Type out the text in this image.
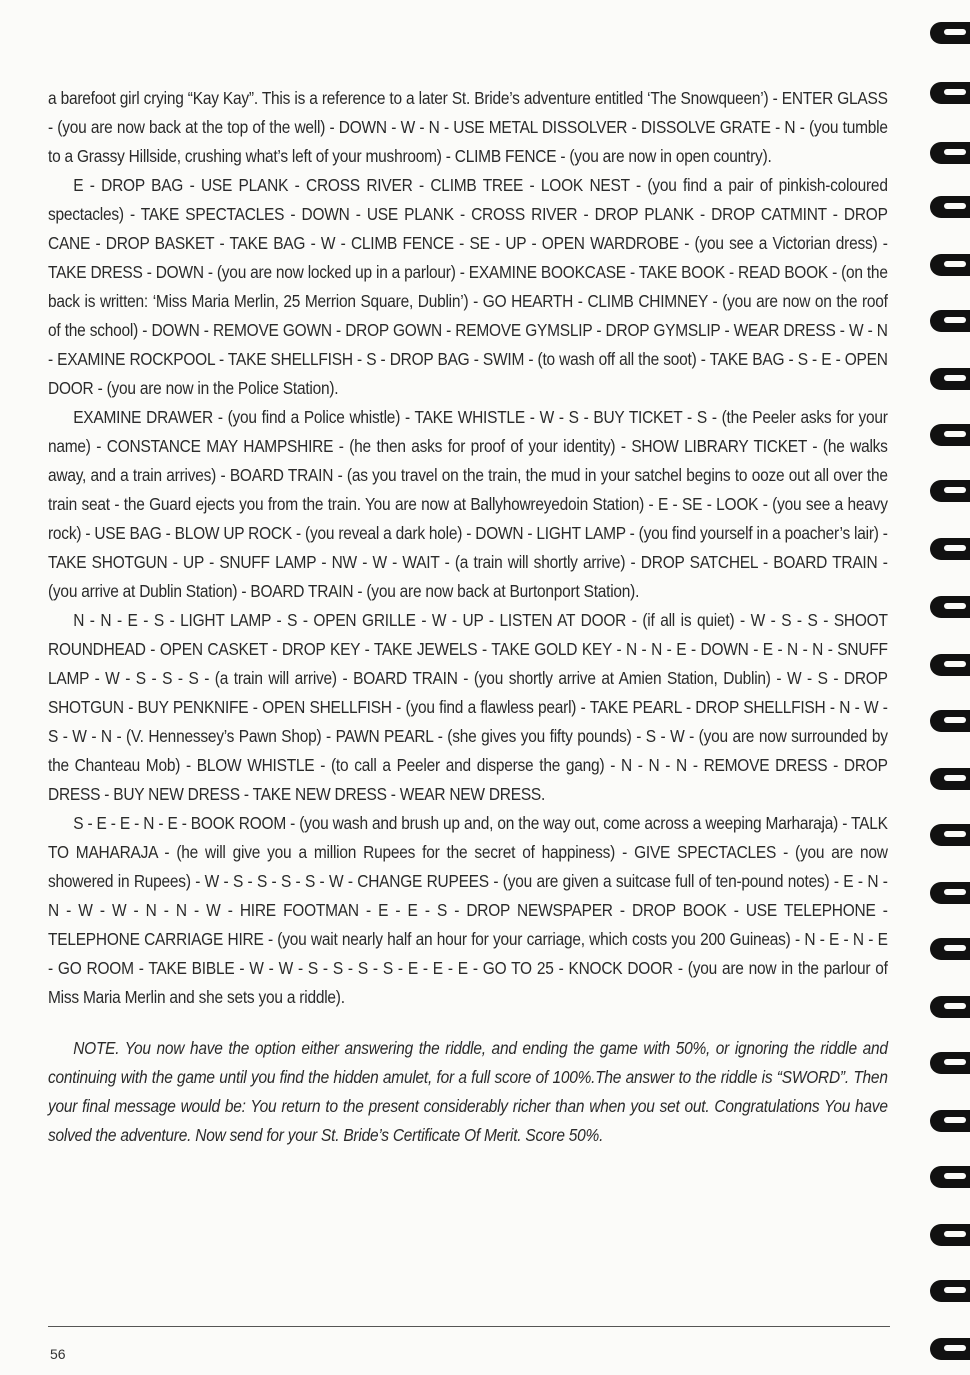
a barefoot girl crying “Kay Kay”. This is a reference to a later St. Bride’s adventure entitled ‘The Snowqueen’) - ENTER GLASS - (you are now back at the top of the well) - DOWN - W - N - USE METAL DISSOLVER - DISSOLVE GRATE - N - (you tumble to a Grassy Hillside, crushing what’s left of your mushroom) - CLIMB FENCE - (you are now in open country).

E - DROP BAG - USE PLANK - CROSS RIVER - CLIMB TREE - LOOK NEST - (you find a pair of pinkish-coloured spectacles) - TAKE SPECTACLES - DOWN - USE PLANK - CROSS RIVER - DROP PLANK - DROP CATMINT - DROP CANE - DROP BASKET - TAKE BAG - W - CLIMB FENCE - SE - UP - OPEN WARDROBE - (you see a Victorian dress) - TAKE DRESS - DOWN - (you are now locked up in a parlour) - EXAMINE BOOKCASE - TAKE BOOK - READ BOOK - (on the back is written: ‘Miss Maria Merlin, 25 Merrion Square, Dublin’) - GO HEARTH - CLIMB CHIMNEY - (you are now on the roof of the school) - DOWN - REMOVE GOWN - DROP GOWN - REMOVE GYMSLIP - DROP GYMSLIP - WEAR DRESS - W - N - EXAMINE ROCKPOOL - TAKE SHELLFISH - S - DROP BAG - SWIM - (to wash off all the soot) - TAKE BAG - S - E - OPEN DOOR - (you are now in the Police Station).

EXAMINE DRAWER - (you find a Police whistle) - TAKE WHISTLE - W - S - BUY TICKET - S - (the Peeler asks for your name) - CONSTANCE MAY HAMPSHIRE - (he then asks for proof of your identity) - SHOW LIBRARY TICKET - (he walks away, and a train arrives) - BOARD TRAIN - (as you travel on the train, the mud in your satchel begins to ooze out all over the train seat - the Guard ejects you from the train. You are now at Ballyhowreyedoin Station) - E - SE - LOOK - (you see a heavy rock) - USE BAG - BLOW UP ROCK - (you reveal a dark hole) - DOWN - LIGHT LAMP - (you find yourself in a poacher’s lair) - TAKE SHOTGUN - UP - SNUFF LAMP - NW - W - WAIT - (a train will shortly arrive) - DROP SATCHEL - BOARD TRAIN - (you arrive at Dublin Station) - BOARD TRAIN - (you are now back at Burtonport Station).

N - N - E - S - LIGHT LAMP - S - OPEN GRILLE - W - UP - LISTEN AT DOOR - (if all is quiet) - W - S - S - SHOOT ROUNDHEAD - OPEN CASKET - DROP KEY - TAKE JEWELS - TAKE GOLD KEY - N - N - E - DOWN - E - N - N - SNUFF LAMP - W - S - S - S - (a train will arrive) - BOARD TRAIN - (you shortly arrive at Amien Station, Dublin) - W - S - DROP SHOTGUN - BUY PENKNIFE - OPEN SHELLFISH - (you find a flawless pearl) - TAKE PEARL - DROP SHELLFISH - N - W - S - W - N - (V. Hennessey’s Pawn Shop) - PAWN PEARL - (she gives you fifty pounds) - S - W - (you are now surrounded by the Chanteau Mob) - BLOW WHISTLE - (to call a Peeler and disperse the gang) - N - N - N - REMOVE DRESS - DROP DRESS - BUY NEW DRESS - TAKE NEW DRESS - WEAR NEW DRESS.

S - E - E - N - E - BOOK ROOM - (you wash and brush up and, on the way out, come across a weeping Marharaja) - TALK TO MAHARAJA - (he will give you a million Rupees for the secret of happiness) - GIVE SPECTACLES - (you are now showered in Rupees) - W - S - S - S - S - W - CHANGE RUPEES - (you are given a suitcase full of ten-pound notes) - E - N - N - W - W - N - N - W - HIRE FOOTMAN - E - E - S - DROP NEWSPAPER - DROP BOOK - USE TELEPHONE - TELEPHONE CARRIAGE HIRE - (you wait nearly half an hour for your carriage, which costs you 200 Guineas) - N - E - N - E - GO ROOM - TAKE BIBLE - W - W - S - S - S - S - E - E - E - GO TO 25 - KNOCK DOOR - (you are now in the parlour of Miss Maria Merlin and she sets you a riddle).

NOTE. You now have the option either answering the riddle, and ending the game with 50%, or ignoring the riddle and continuing with the game until you find the hidden amulet, for a full score of 100%.The answer to the riddle is “SWORD”. Then your final message would be: You return to the present considerably richer than when you set out. Congratulations You have solved the adventure. Now send for your St. Bride’s Certificate Of Merit. Score 50%.

56
